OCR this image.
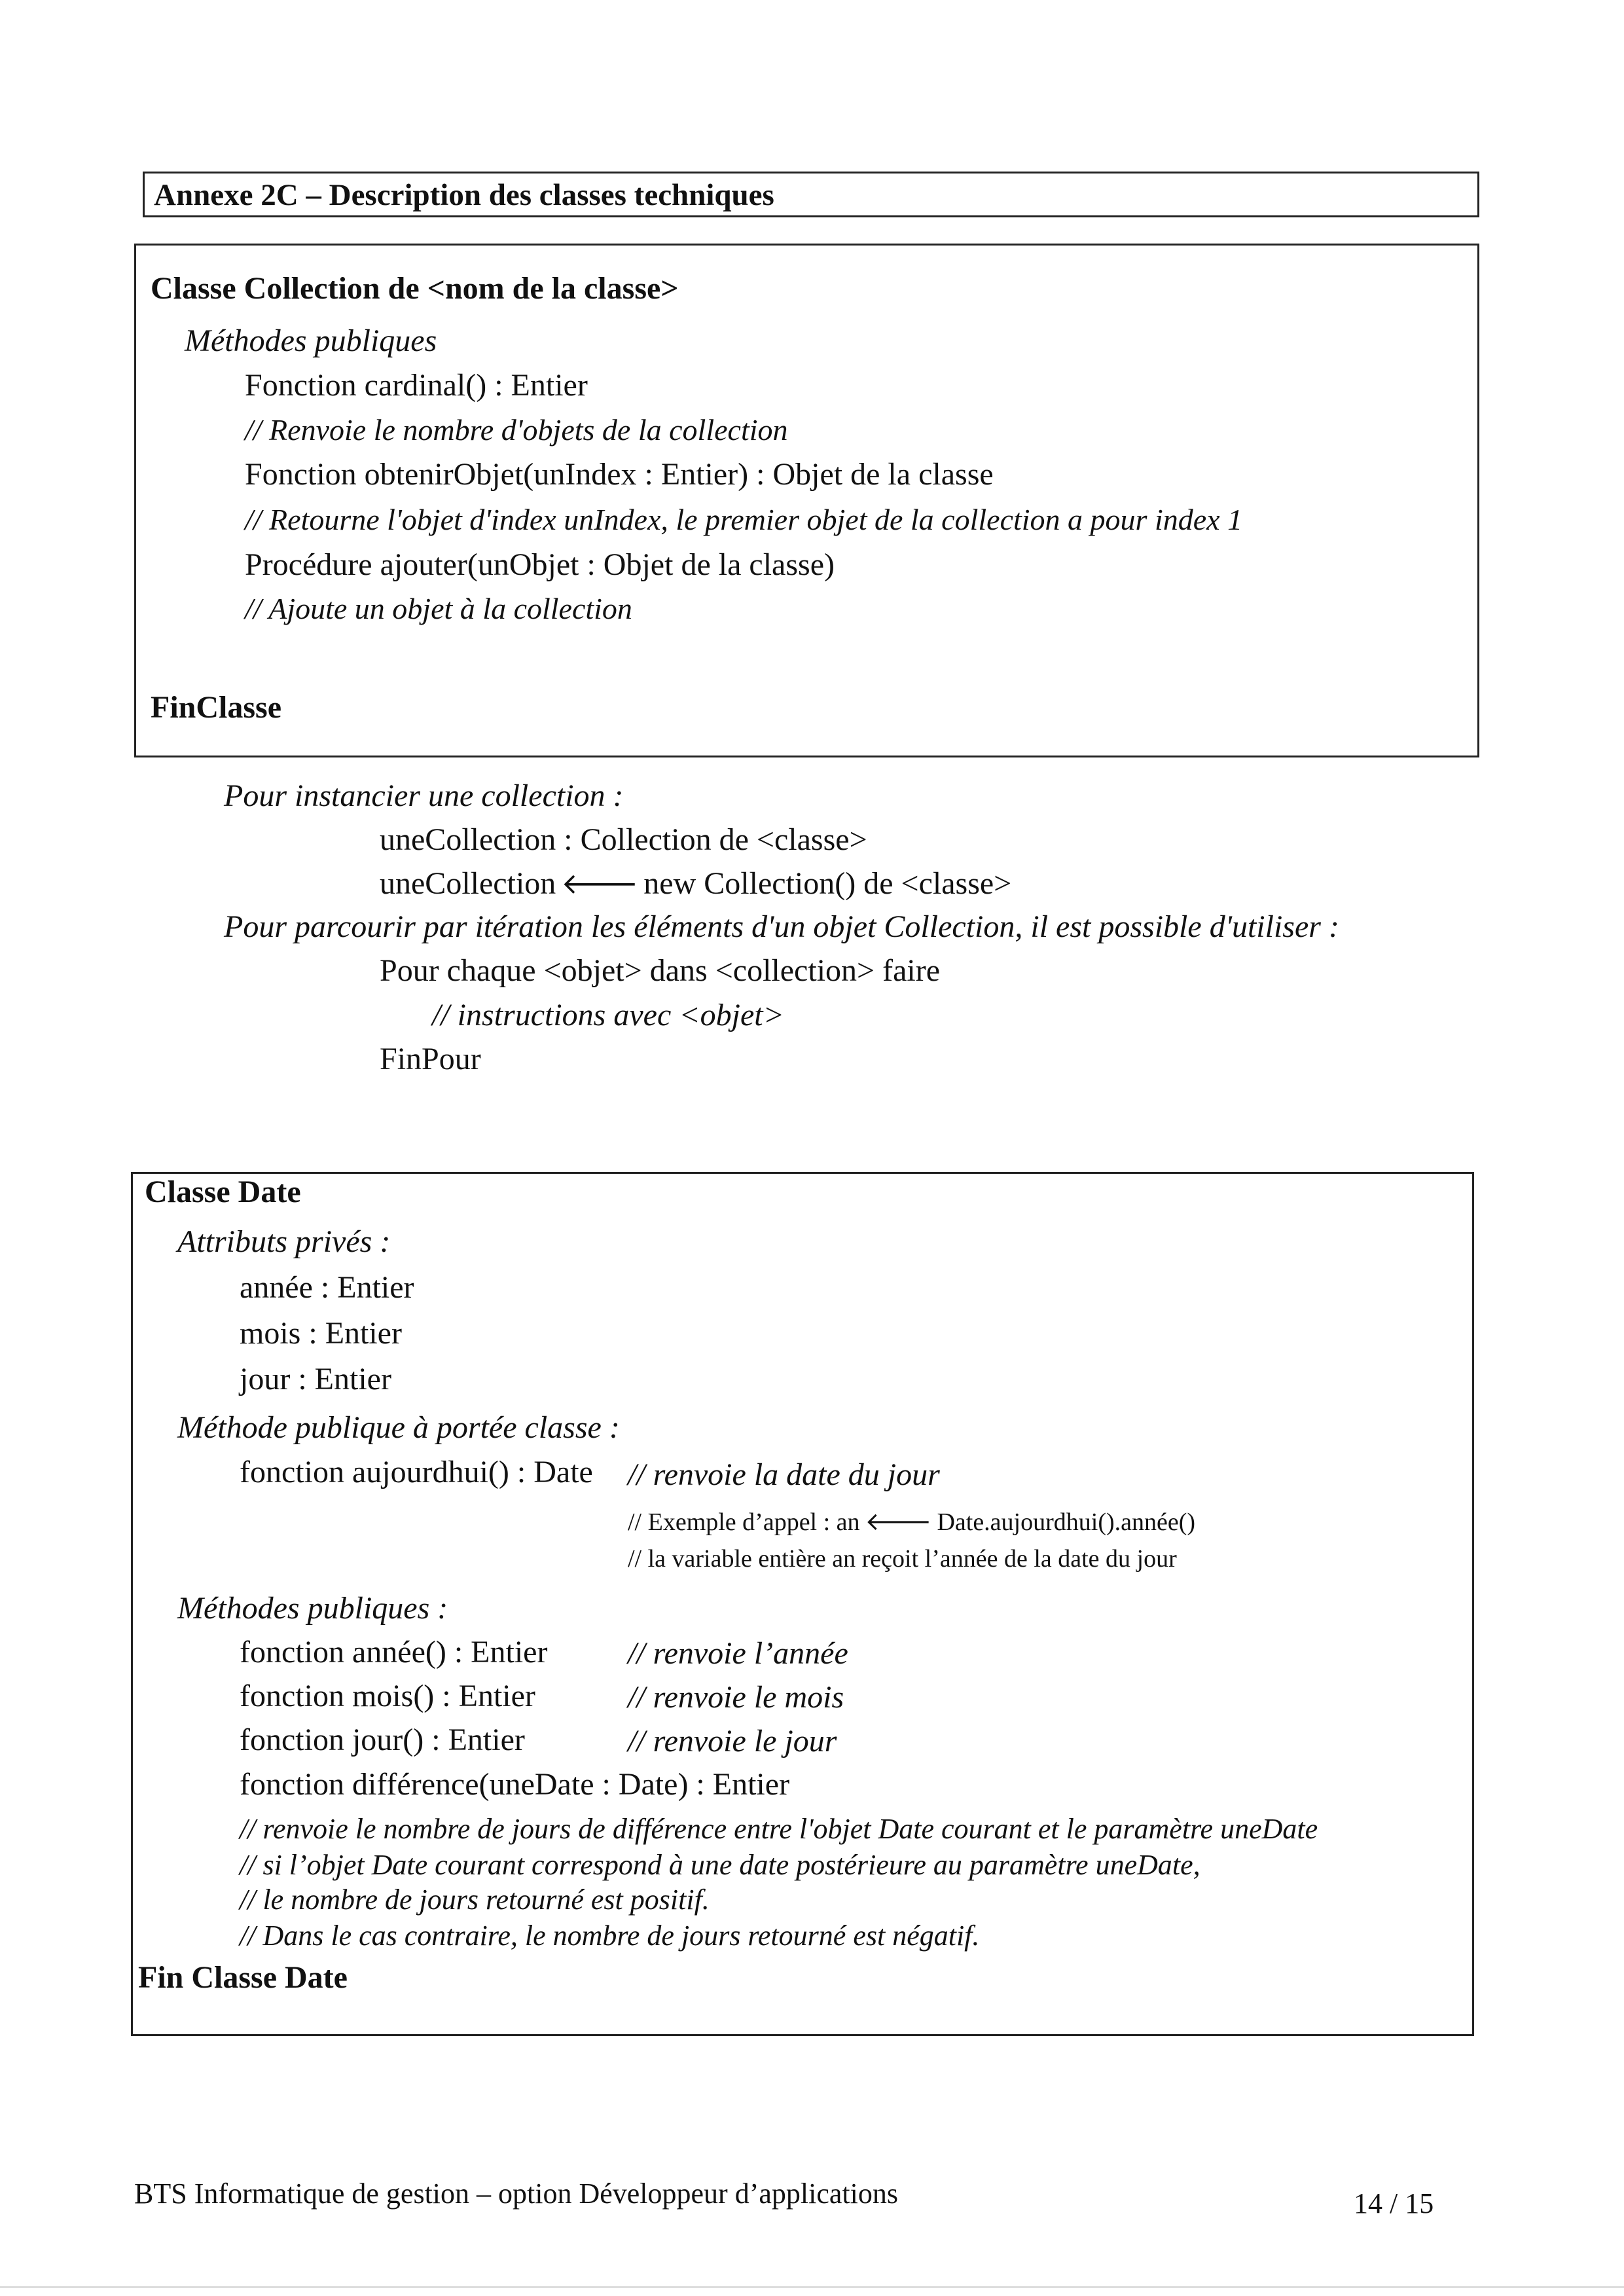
Annexe 2C – Description des classes techniques
Classe Collection de <nom de la classe>
Méthodes publiques
Fonction cardinal() : Entier
// Renvoie le nombre d'objets de la collection
Fonction obtenirObjet(unIndex : Entier) : Objet de la classe
// Retourne l'objet d'index unIndex, le premier objet de la collection a pour index 1
Procédure ajouter(unObjet : Objet de la classe)
// Ajoute un objet à la collection
FinClasse
Pour instancier une collection :
uneCollection : Collection de <classe>
uneCollection 🡐 new Collection() de <classe>
Pour parcourir par itération les éléments d'un objet Collection, il est possible d'utiliser :
Pour chaque <objet> dans <collection> faire
// instructions avec <objet>
FinPour
Classe Date
Attributs privés :
année : Entier
mois : Entier
jour : Entier
Méthode publique à portée classe :
fonction aujourdhui() : Date // renvoie la date du jour
// Exemple d’appel : an 🡐 Date.aujourdhui().année()
// la variable entière an reçoit l’année de la date du jour
Méthodes publiques :
fonction année() : Entier	// renvoie l’année
fonction mois() : Entier	// renvoie le mois
fonction jour() : Entier	// renvoie le jour
fonction différence(uneDate : Date) : Entier
// renvoie le nombre de jours de différence entre l'objet Date courant et le paramètre uneDate
// si l’objet Date courant correspond à une date postérieure au paramètre uneDate,
// le nombre de jours retourné est positif.
// Dans le cas contraire, le nombre de jours retourné est négatif.
Fin Classe Date
BTS Informatique de gestion – option Développeur d’applications	14 / 15
